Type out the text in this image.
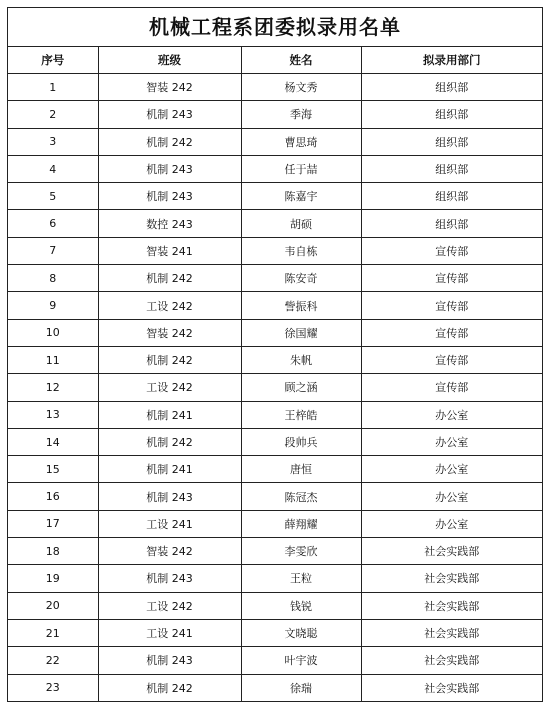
机械工程系团委拟录用名单
序号	班级	姓名	拟录用部门
1	智装 242	杨文秀	组织部
2	机制 243	季海	组织部
3	机制 242	曹思琦	组织部
4	机制 243	任于喆	组织部
5	机制 243	陈嘉宇	组织部
6	数控 243	胡硕	组织部
7	智装 241	韦自栋	宣传部
8	机制 242	陈安奇	宣传部
9	工设 242	訾振科	宣传部
10	智装 242	徐国耀	宣传部
11	机制 242	朱帆	宣传部
12	工设 242	顾之涵	宣传部
13	机制 241	王梓皓	办公室
14	机制 242	段帅兵	办公室
15	机制 241	唐恒	办公室
16	机制 243	陈冠杰	办公室
17	工设 241	薛翔耀	办公室
18	智装 242	李雯欣	社会实践部
19	机制 243	王粒	社会实践部
20	工设 242	钱锐	社会实践部
21	工设 241	文晓聪	社会实践部
22	机制 243	叶宇波	社会实践部
23	机制 242	徐瑞	社会实践部
